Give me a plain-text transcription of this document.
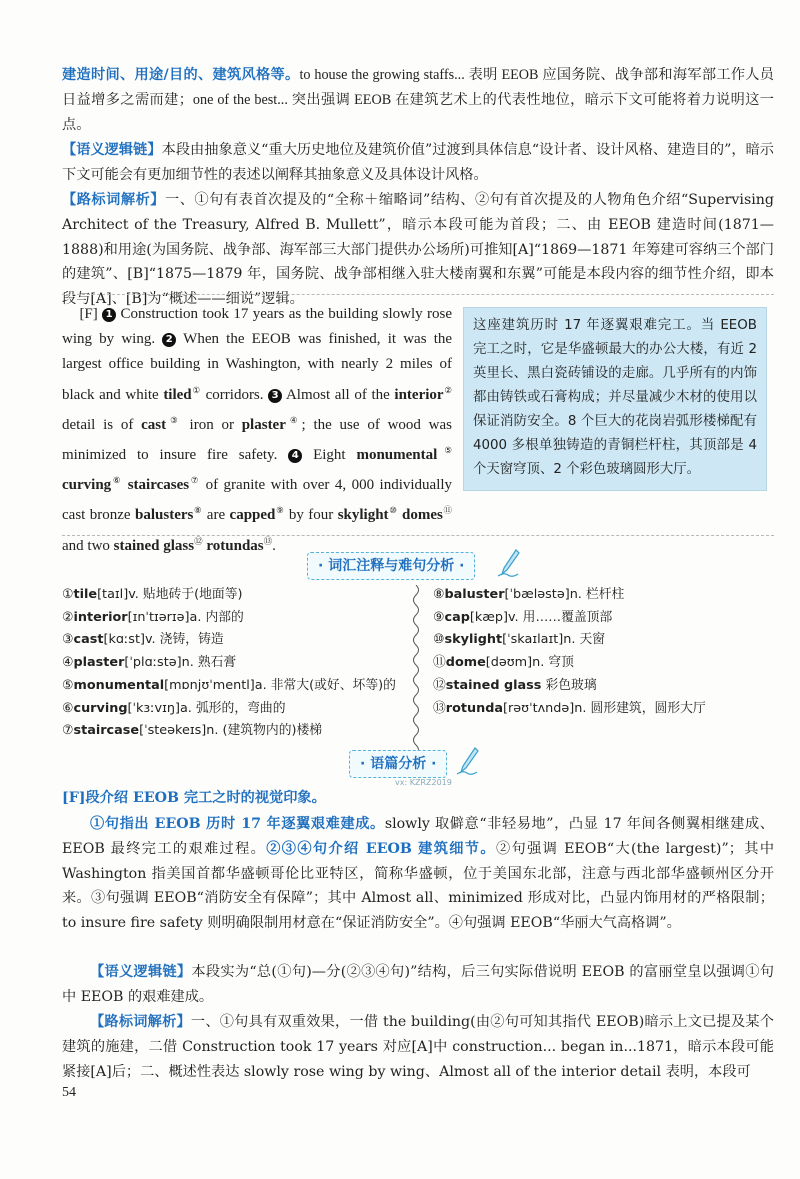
建造时间、用途/目的、建筑风格等。to house the growing staffs... 表明 EEOB 应国务院、战争部和海军部工作人员日益增多之需而建；one of the best... 突出强调 EEOB 在建筑艺术上的代表性地位，暗示下文可能将着力说明这一点。

【语义逻辑链】本段由抽象意义“重大历史地位及建筑价值”过渡到具体信息“设计者、设计风格、建造目的”，暗示下文可能会有更加细节性的表述以阐释其抽象意义及具体设计风格。

【路标词解析】一、①句有表首次提及的“全称＋缩略词”结构、②句有首次提及的人物角色介绍“Supervising Architect of the Treasury, Alfred B. Mullett”，暗示本段可能为首段；二、由 EEOB 建造时间(1871—1888)和用途(为国务院、战争部、海军部三大部门提供办公场所)可推知[A]“1869—1871 年筹建可容纳三个部门的建筑”、[B]“1875—1879 年，国务院、战争部相继入驻大楼南翼和东翼”可能是本段内容的细节性介绍，即本段与[A]、[B]为“概述——细说”逻辑。

[F] 1 Construction took 17 years as the building slowly rose wing by wing. 2 When the EEOB was finished, it was the largest office building in Washington, with nearly 2 miles of black and white tiled① corridors. 3 Almost all of the interior② detail is of cast③ iron or plaster④; the use of wood was minimized to insure fire safety. 4 Eight monumental⑤ curving⑥ staircases⑦ of granite with over 4, 000 individually cast bronze balusters⑧ are capped⑨ by four skylight⑩ domes⑪ and two stained glass⑫ rotundas⑬.

这座建筑历时 17 年逐翼艰难完工。当 EEOB 完工之时，它是华盛顿最大的办公大楼，有近 2 英里长、黑白瓷砖铺设的走廊。几乎所有的内饰都由铸铁或石膏构成；并尽量减少木材的使用以保证消防安全。8 个巨大的花岗岩弧形楼梯配有 4000 多根单独铸造的青铜栏杆柱，其顶部是 4 个天窗穹顶、2 个彩色玻璃圆形大厅。
· 词汇注释与难句分析 ·
①tile[taɪl]v. 贴地砖于(地面等)
②interior[ɪnˈtɪərɪə]a. 内部的
③cast[kɑːst]v. 浇铸，铸造
④plaster[ˈplɑːstə]n. 熟石膏
⑤monumental[mɒnjʊˈmentl]a. 非常大(或好、坏等)的
⑥curving[ˈkɜːvɪŋ]a. 弧形的，弯曲的
⑦staircase[ˈsteəkeɪs]n. (建筑物内的)楼梯
⑧baluster[ˈbæləstə]n. 栏杆柱
⑨cap[kæp]v. 用……覆盖顶部
⑩skylight[ˈskaɪlaɪt]n. 天窗
⑪dome[dəʊm]n. 穹顶
⑫stained glass 彩色玻璃
⑬rotunda[rəʊˈtʌndə]n. 圆形建筑，圆形大厅
· 语篇分析 ·
vx: KZRZ2019

[F]段介绍 EEOB 完工之时的视觉印象。

①句指出 EEOB 历时 17 年逐翼艰难建成。slowly 取僻意“非轻易地”，凸显 17 年间各侧翼相继建成、EEOB 最终完工的艰难过程。②③④句介绍 EEOB 建筑细节。②句强调 EEOB“大(the largest)”；其中 Washington 指美国首都华盛顿哥伦比亚特区，简称华盛顿，位于美国东北部，注意与西北部华盛顿州区分开来。③句强调 EEOB“消防安全有保障”；其中 Almost all、minimized 形成对比，凸显内饰用材的严格限制；to insure fire safety 则明确限制用材意在“保证消防安全”。④句强调 EEOB“华丽大气高格调”。

【语义逻辑链】本段实为“总(①句)—分(②③④句)”结构，后三句实际借说明 EEOB 的富丽堂皇以强调①句中 EEOB 的艰难建成。

【路标词解析】一、①句具有双重效果，一借 the building(由②句可知其指代 EEOB)暗示上文已提及某个建筑的施建，二借 Construction took 17 years 对应[A]中 construction... began in...1871，暗示本段可能紧接[A]后；二、概述性表达 slowly rose wing by wing、Almost all of the interior detail 表明，本段可

54
